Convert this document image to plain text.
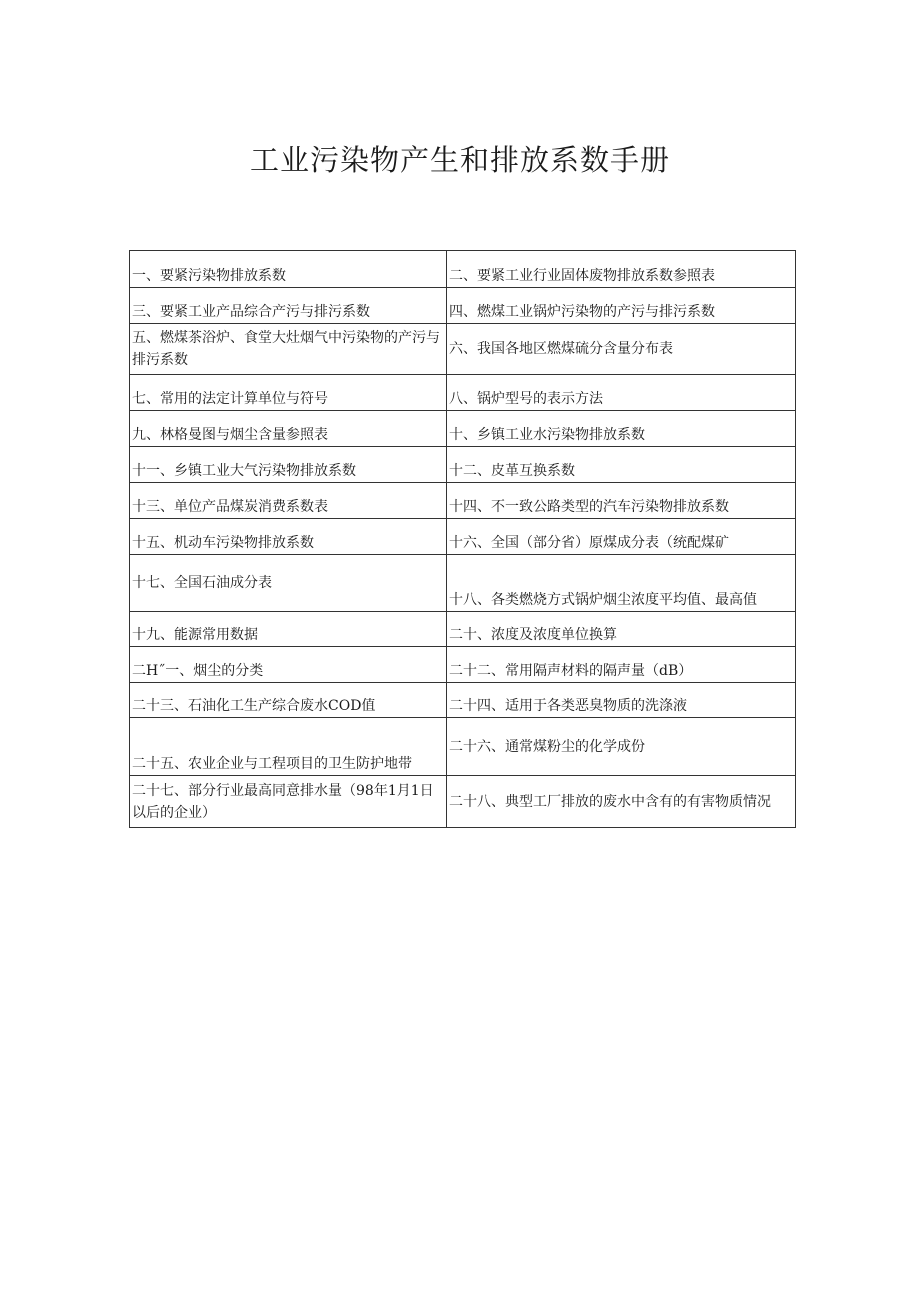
工业污染物产生和排放系数手册
一、要紧污染物排放系数	二、要紧工业行业固体废物排放系数参照表
三、要紧工业产品综合产污与排污系数	四、燃煤工业锅炉污染物的产污与排污系数
五、燃煤茶浴炉、食堂大灶烟气中污染物的产污与排污系数	六、我国各地区燃煤硫分含量分布表
七、常用的法定计算单位与符号	八、锅炉型号的表示方法
九、林格曼图与烟尘含量参照表	十、乡镇工业水污染物排放系数
十一、乡镇工业大气污染物排放系数	十二、皮革互换系数
十三、单位产品煤炭消费系数表	十四、不一致公路类型的汽车污染物排放系数
十五、机动车污染物排放系数	十六、全国（部分省）原煤成分表（统配煤矿
十七、全国石油成分表	十八、各类燃烧方式锅炉烟尘浓度平均值、最高值
十九、能源常用数据	二十、浓度及浓度单位换算
二H˝一、烟尘的分类	二十二、常用隔声材料的隔声量（dB）
二十三、石油化工生产综合废水COD值	二十四、适用于各类恶臭物质的洗涤液
二十五、农业企业与工程项目的卫生防护地带	二十六、通常煤粉尘的化学成份
二十七、部分行业最高同意排水量（98年1月1日以后的企业）	二十八、典型工厂排放的废水中含有的有害物质情况
